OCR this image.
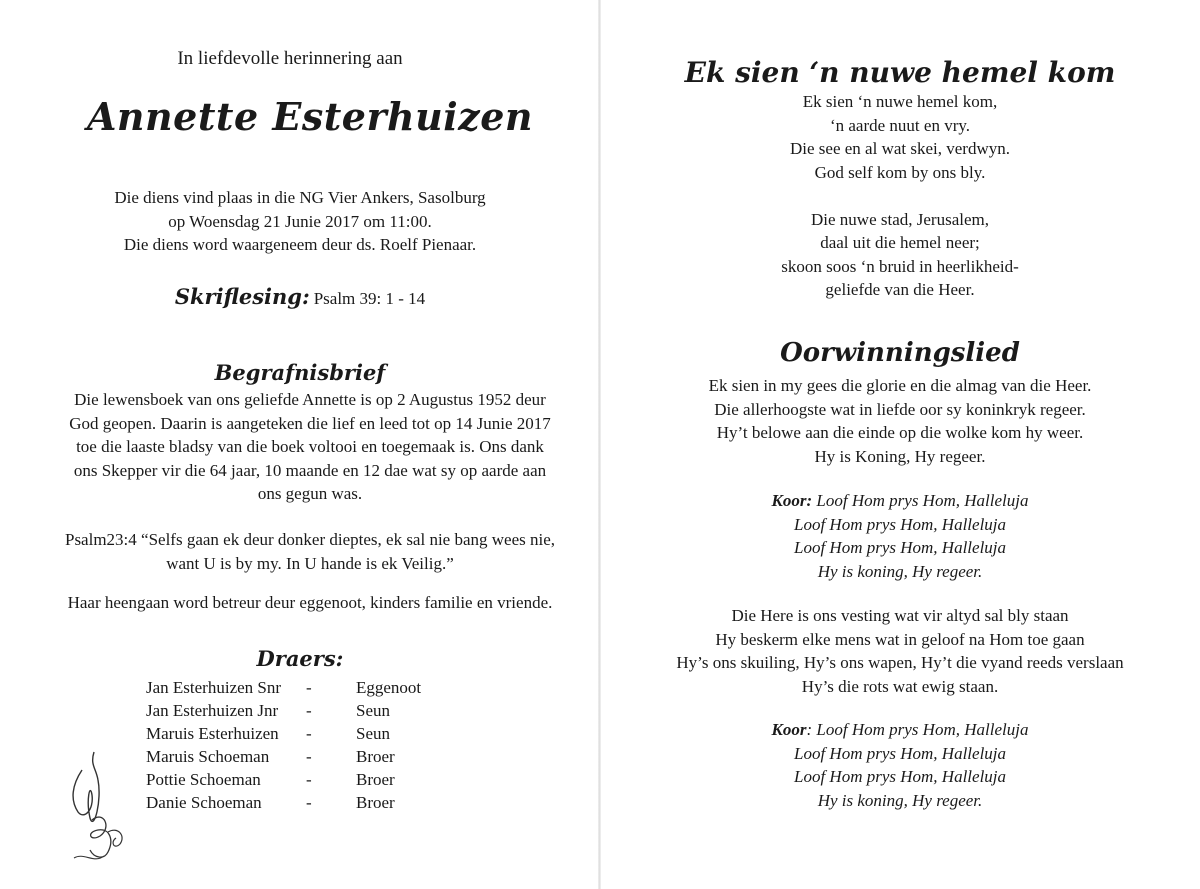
In liefdevolle herinnering aan
Annette Esterhuizen
Die diens vind plaas in die NG Vier Ankers, Sasolburg
op Woensdag 21 Junie 2017 om 11:00.
Die diens word waargeneem deur ds. Roelf Pienaar.
Skriflesing: Psalm 39: 1 - 14
Begrafnisbrief
Die lewensboek van ons geliefde Annette is op 2 Augustus 1952 deur
God geopen. Daarin is aangeteken die lief en leed tot op 14 Junie 2017
toe die laaste bladsy van die boek voltooi en toegemaak is. Ons dank
ons Skepper vir die 64 jaar, 10 maande en 12 dae wat sy op aarde aan
ons gegun was.
Psalm23:4 “Selfs gaan ek deur donker dieptes, ek sal nie bang wees nie,
want U is by my. In U hande is ek Veilig.”
Haar heengaan word betreur deur eggenoot, kinders familie en vriende.
Draers:
Jan Esterhuizen Snr	-	Eggenoot
Jan Esterhuizen Jnr	-	Seun
Maruis Esterhuizen	-	Seun
Maruis Schoeman	-	Broer
Pottie Schoeman	-	Broer
Danie Schoeman	-	Broer
Ek sien ‘n nuwe hemel kom
Ek sien ‘n nuwe hemel kom,
‘n aarde nuut en vry.
Die see en al wat skei, verdwyn.
God self kom by ons bly.
Die nuwe stad, Jerusalem,
daal uit die hemel neer;
skoon soos ‘n bruid in heerlikheid-
geliefde van die Heer.
Oorwinningslied
Ek sien in my gees die glorie en die almag van die Heer.
Die allerhoogste wat in liefde oor sy koninkryk regeer.
Hy’t belowe aan die einde op die wolke kom hy weer.
Hy is Koning, Hy regeer.
Koor: Loof Hom prys Hom, Halleluja
Loof Hom prys Hom, Halleluja
Loof Hom prys Hom, Halleluja
Hy is koning, Hy regeer.
Die Here is ons vesting wat vir altyd sal bly staan
Hy beskerm elke mens wat in geloof na Hom toe gaan
Hy’s ons skuiling, Hy’s ons wapen, Hy’t die vyand reeds verslaan
Hy’s die rots wat ewig staan.
Koor: Loof Hom prys Hom, Halleluja
Loof Hom prys Hom, Halleluja
Loof Hom prys Hom, Halleluja
Hy is koning, Hy regeer.
